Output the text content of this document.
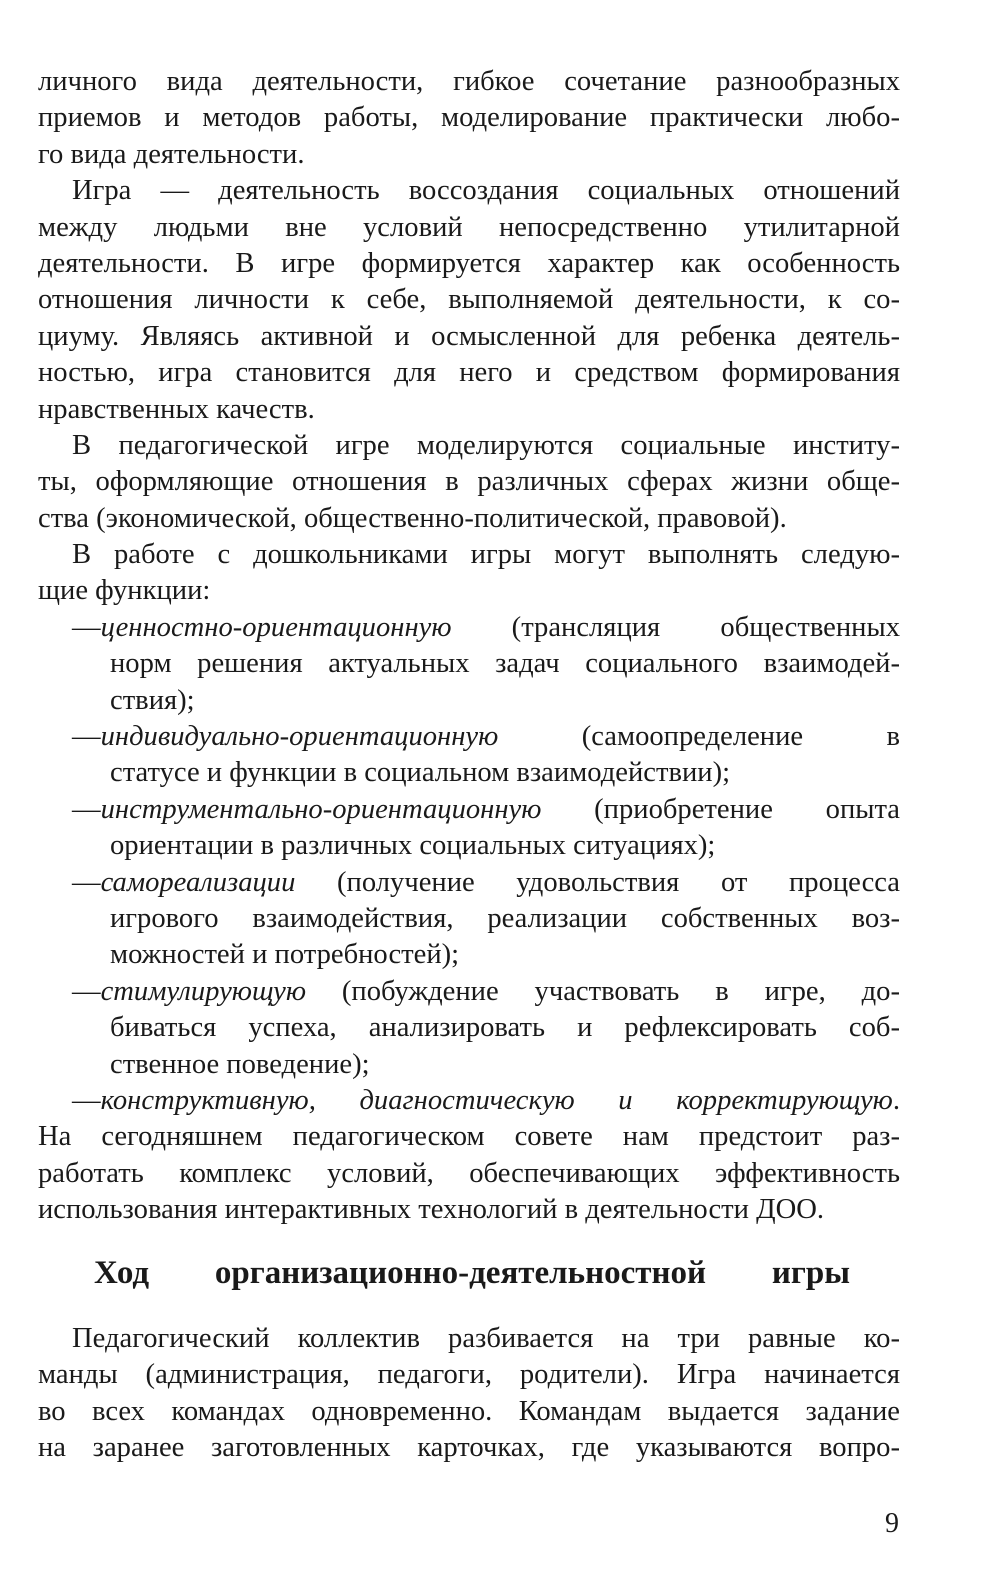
личного вида деятельности, гибкое сочетание разнообразных
приемов и методов работы, моделирование практически любо-
го вида деятельности.
Игра — деятельность воссоздания социальных отношений
между людьми вне условий непосредственно утилитарной
деятельности. В игре формируется характер как особенность
отношения личности к себе, выполняемой деятельности, к со-
циуму. Являясь активной и осмысленной для ребенка деятель-
ностью, игра становится для него и средством формирования
нравственных качеств.
В педагогической игре моделируются социальные институ-
ты, оформляющие отношения в различных сферах жизни обще-
ства (экономической, общественно-политической, правовой).
В работе с дошкольниками игры могут выполнять следую-
щие функции:
—ценностно-ориентационную (трансляция общественных
норм решения актуальных задач социального взаимодей-
ствия);
—индивидуально-ориентационную (самоопределение в
статусе и функции в социальном взаимодействии);
—инструментально-ориентационную (приобретение опыта
ориентации в различных социальных ситуациях);
—самореализации (получение удовольствия от процесса
игрового взаимодействия, реализации собственных воз-
можностей и потребностей);
—стимулирующую (побуждение участвовать в игре, до-
биваться успеха, анализировать и рефлексировать соб-
ственное поведение);
—конструктивную, диагностическую и корректирующую.
На сегодняшнем педагогическом совете нам предстоит раз-
работать комплекс условий, обеспечивающих эффективность
использования интерактивных технологий в деятельности ДОО.
Ход организационно-деятельностной игры
Педагогический коллектив разбивается на три равные ко-
манды (администрация, педагоги, родители). Игра начинается
во всех командах одновременно. Командам выдается задание
на заранее заготовленных карточках, где указываются вопро-
9
